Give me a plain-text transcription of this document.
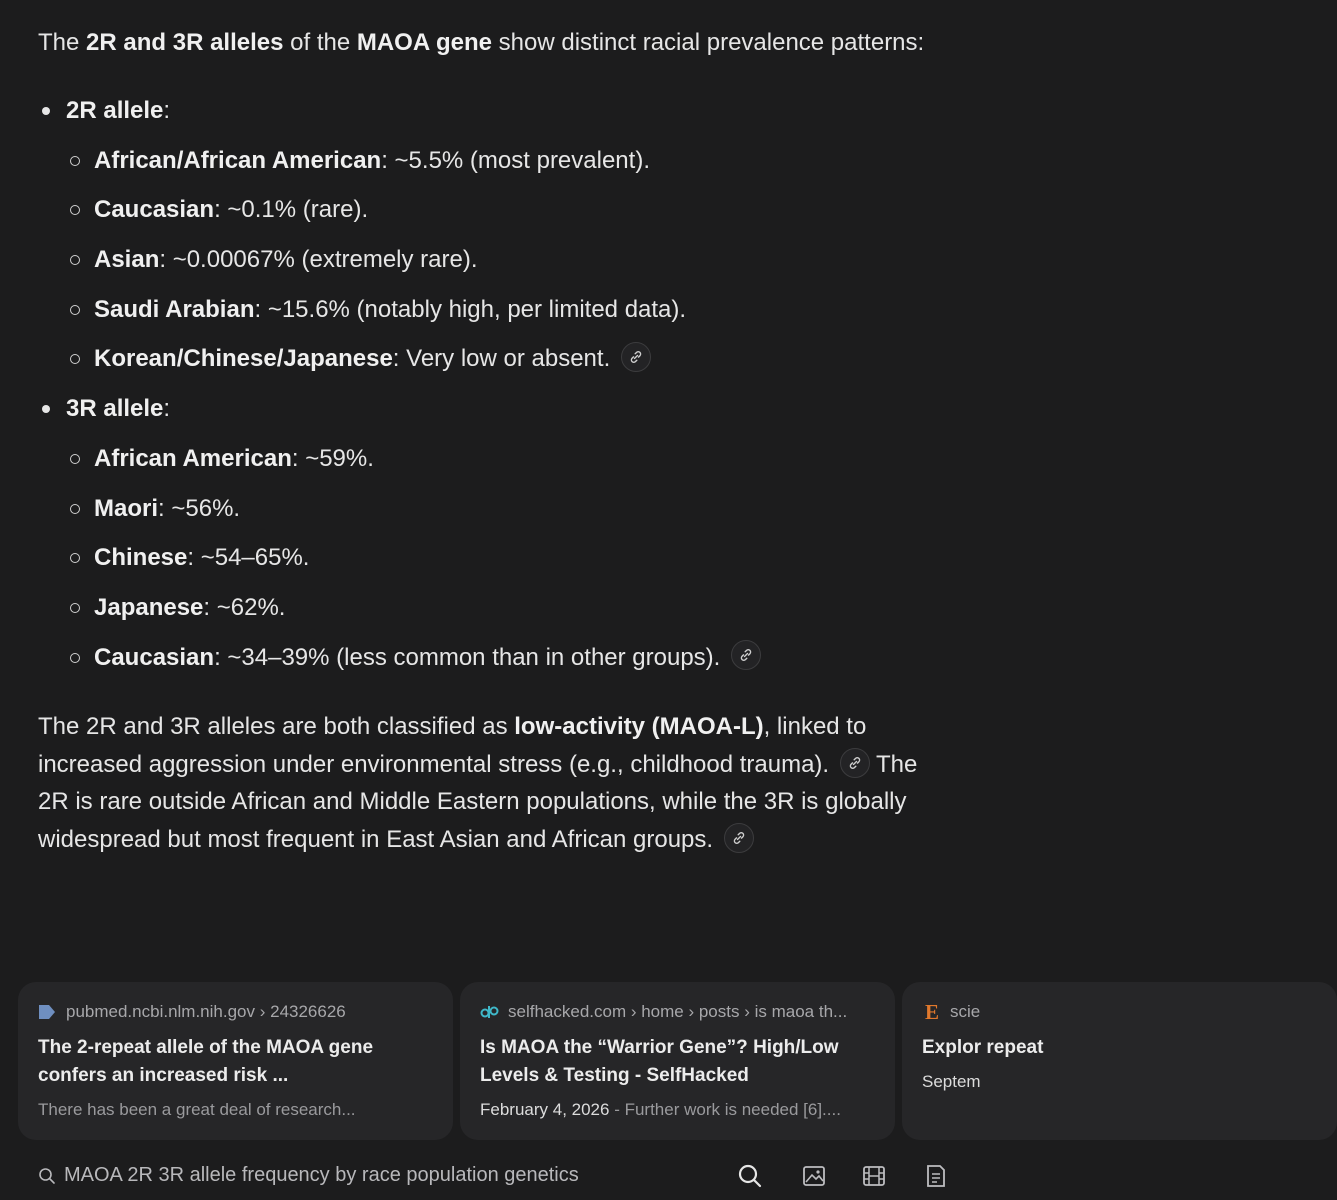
The 2R and 3R alleles of the MAOA gene show distinct racial prevalence patterns:

2R allele:
African/African American: ~5.5% (most prevalent).
Caucasian: ~0.1% (rare).
Asian: ~0.00067% (extremely rare).
Saudi Arabian: ~15.6% (notably high, per limited data).
Korean/Chinese/Japanese: Very low or absent.
3R allele:
African American: ~59%.
Maori: ~56%.
Chinese: ~54–65%.
Japanese: ~62%.
Caucasian: ~34–39% (less common than in other groups).

The 2R and 3R alleles are both classified as low-activity (MAOA-L), linked to increased aggression under environmental stress (e.g., childhood trauma).
The 2R is rare outside African and Middle Eastern populations, while the 3R is globally widespread but most frequent in East Asian and African groups.

pubmed.ncbi.nlm.nih.gov › 24326626
The 2-repeat allele of the MAOA gene confers an increased risk ...
There has been a great deal of research...
selfhacked.com › home › posts › is maoa th...
Is MAOA the “Warrior Gene”? High/Low Levels & Testing - SelfHacked
February 4, 2026 - Further work is needed [6]....
E scie
Explor repeat
Septem
MAOA 2R 3R allele frequency by race population genetics
